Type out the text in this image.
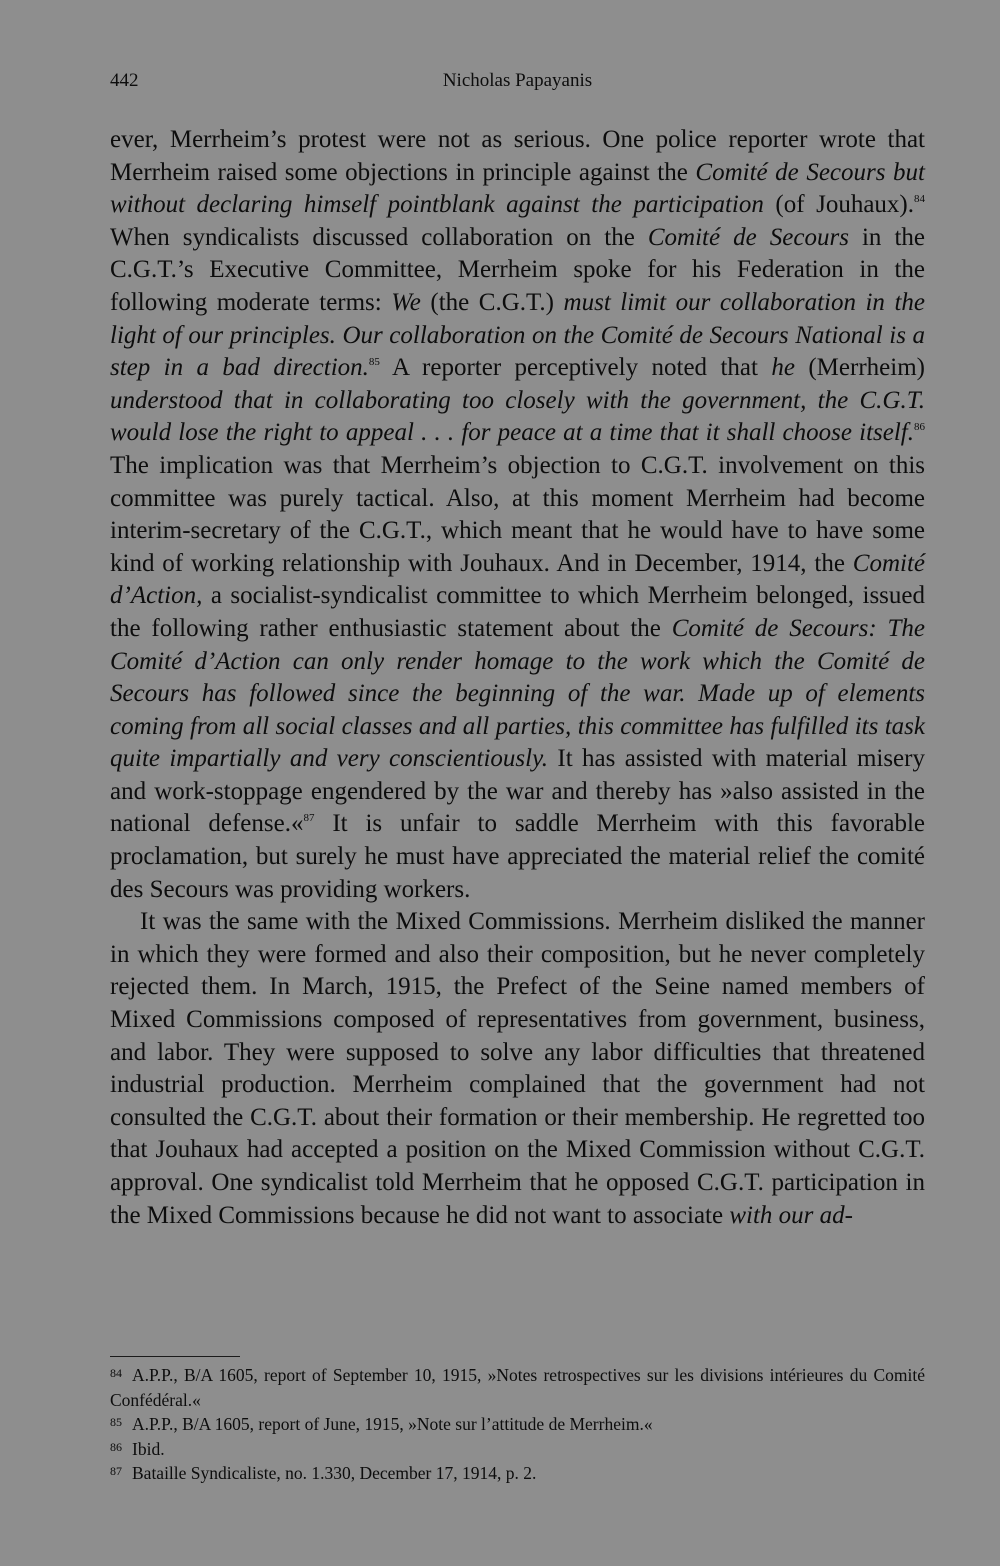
442	Nicholas Papayanis

ever, Merrheim’s protest were not as serious. One police reporter wrote that Merrheim raised some objections in principle against the Comité de Secours but without declaring himself pointblank against the participation (of Jouhaux).$^{84}$ When syndicalists discussed collaboration on the Comité de Secours in the C.G.T.’s Executive Committee, Merrheim spoke for his Federation in the following moderate terms: We (the C.G.T.) must limit our collaboration in the light of our principles. Our collaboration on the Comité de Secours National is a step in a bad direction.$^{85}$ A reporter perceptively noted that he (Merrheim) understood that in collaborating too closely with the government, the C.G.T. would lose the right to appeal . . . for peace at a time that it shall choose itself.$^{86}$ The implication was that Merrheim’s objection to C.G.T. involvement on this committee was purely tactical. Also, at this moment Merrheim had become interim-secretary of the C.G.T., which meant that he would have to have some kind of working relationship with Jouhaux. And in December, 1914, the Comité d’Action, a socialist-syndicalist committee to which Merrheim belonged, issued the following rather enthusiastic statement about the Comité de Secours: The Comité d’Action can only render homage to the work which the Comité de Secours has followed since the beginning of the war. Made up of elements coming from all social classes and all parties, this committee has fulfilled its task quite impartially and very conscientiously. It has assisted with material misery and work-stoppage engendered by the war and thereby has »also assisted in the national defense.«$^{87}$ It is unfair to saddle Merrheim with this favorable proclamation, but surely he must have appreciated the material relief the comité des Secours was providing workers.

It was the same with the Mixed Commissions. Merrheim disliked the manner in which they were formed and also their composition, but he never completely rejected them. In March, 1915, the Prefect of the Seine named members of Mixed Commissions composed of representatives from government, business, and labor. They were supposed to solve any labor difficulties that threatened industrial production. Merrheim complained that the government had not consulted the C.G.T. about their formation or their membership. He regretted too that Jouhaux had accepted a position on the Mixed Commission without C.G.T. approval. One syndicalist told Merrheim that he opposed C.G.T. participation in the Mixed Commissions because he did not want to associate with our ad-

84 A.P.P., B/A 1605, report of September 10, 1915, »Notes retrospectives sur les divisions intérieures du Comité Confédéral.«

85 A.P.P., B/A 1605, report of June, 1915, »Note sur l’attitude de Merrheim.«

86 Ibid.

87 Bataille Syndicaliste, no. 1.330, December 17, 1914, p. 2.
